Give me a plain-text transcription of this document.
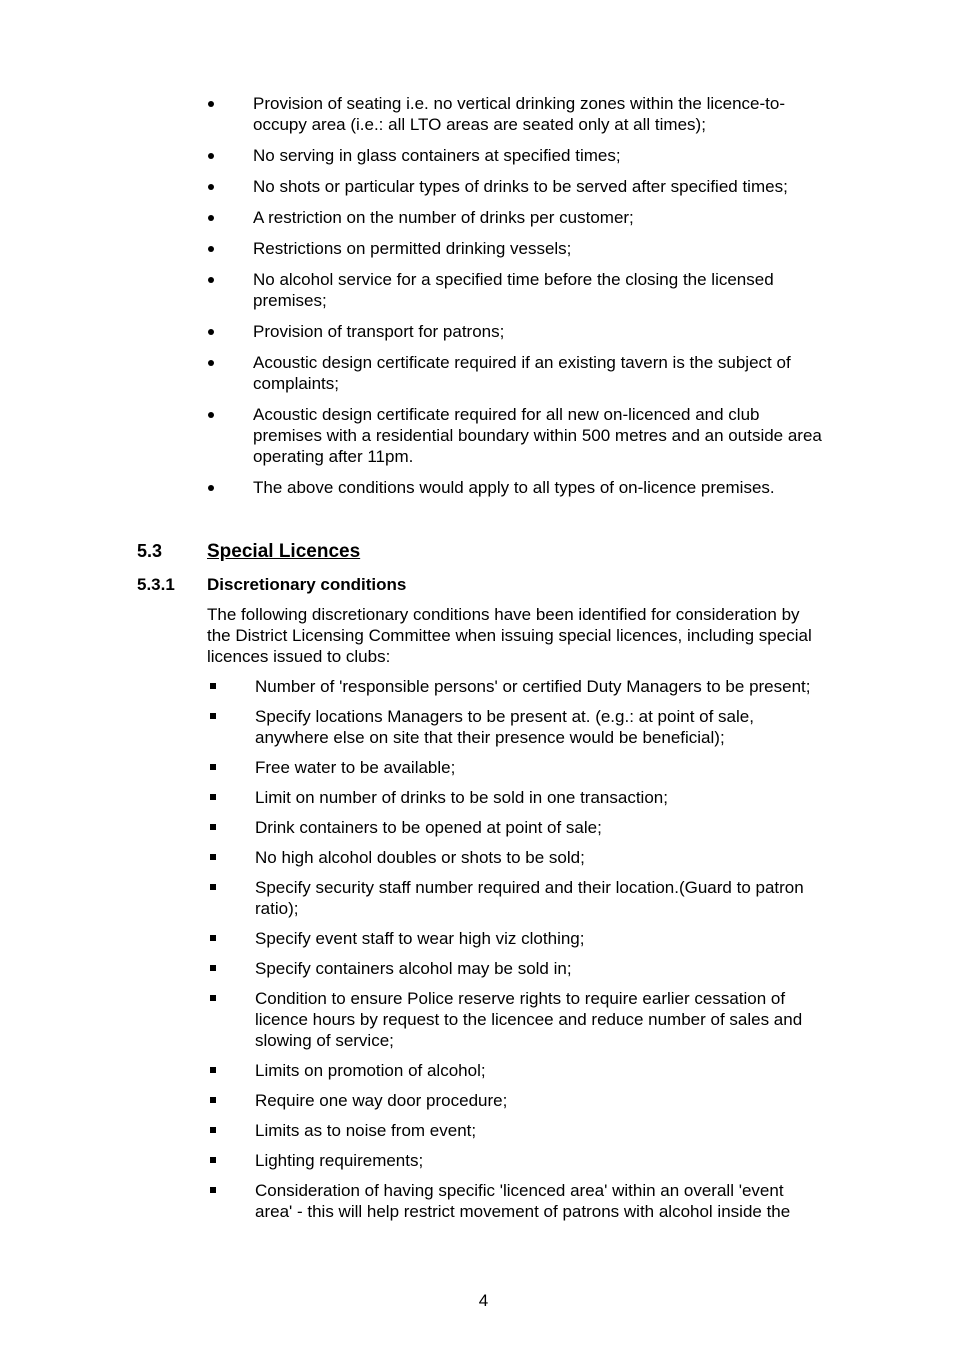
Provision of seating i.e. no vertical drinking zones within the licence-to-occupy area (i.e.: all LTO areas are seated only at all times);
No serving in glass containers at specified times;
No shots or particular types of drinks to be served after specified times;
A restriction on the number of drinks per customer;
Restrictions on permitted drinking vessels;
No alcohol service for a specified time before the closing the licensed premises;
Provision of transport for patrons;
Acoustic design certificate required if an existing tavern is the subject of complaints;
Acoustic design certificate required for all new on-licenced and club premises with a residential boundary within 500 metres and an outside area operating after 11pm.
The above conditions would apply to all types of on-licence premises.
5.3 Special Licences
5.3.1 Discretionary conditions

The following discretionary conditions have been identified for consideration by the District Licensing Committee when issuing special licences, including special licences issued to clubs:

Number of 'responsible persons' or certified Duty Managers to be present;
Specify locations Managers to be present at. (e.g.: at point of sale, anywhere else on site that their presence would be beneficial);
Free water to be available;
Limit on number of drinks to be sold in one transaction;
Drink containers to be opened at point of sale;
No high alcohol doubles or shots to be sold;
Specify security staff number required and their location.(Guard to patron ratio);
Specify event staff to wear high viz clothing;
Specify containers alcohol may be sold in;
Condition to ensure Police reserve rights to require earlier cessation of licence hours by request to the licencee and reduce number of sales and slowing of service;
Limits on promotion of alcohol;
Require one way door procedure;
Limits as to noise from event;
Lighting requirements;
Consideration of having specific 'licenced area' within an overall 'event area' - this will help restrict movement of patrons with alcohol inside the
4
